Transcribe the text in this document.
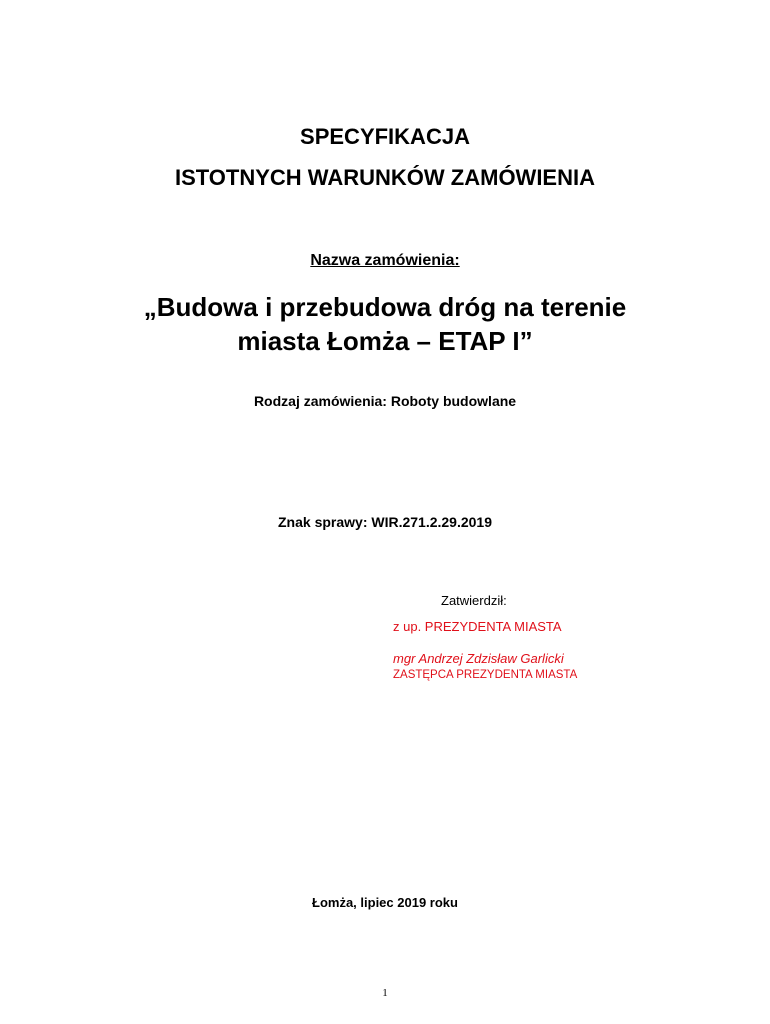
SPECYFIKACJA
ISTOTNYCH WARUNKÓW ZAMÓWIENIA
Nazwa zamówienia:
„Budowa i przebudowa dróg na terenie
miasta Łomża – ETAP I”
Rodzaj zamówienia: Roboty budowlane
Znak sprawy: WIR.271.2.29.2019
Zatwierdził:
z up. PREZYDENTA MIASTA
mgr Andrzej Zdzisław Garlicki
ZASTĘPCA PREZYDENTA MIASTA
Łomża, lipiec 2019 roku
1
